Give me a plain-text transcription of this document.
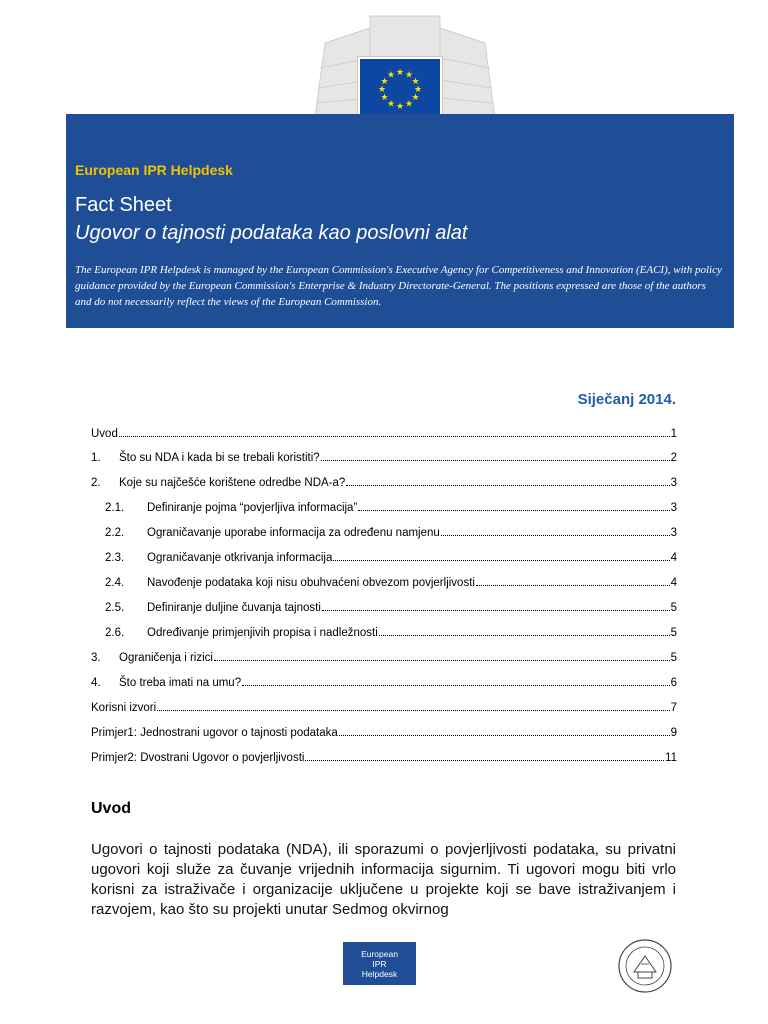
★ ★
★
★
★
★
★
★
★
★
★
★
European IPR Helpdesk
Fact Sheet
Ugovor o tajnosti podataka kao poslovni alat
The European IPR Helpdesk is managed by the European Commission's Executive Agency for Competitiveness and Innovation (EACI), with policy guidance provided by the European Commission's Enterprise & Industry Directorate-General. The positions expressed are those of the authors and do not necessarily reflect the views of the European Commission.
Siječanj 2014.
Uvod	1
1.	Što su NDA i kada bi se trebali koristiti?	2
2.	Koje su najčešće korištene odredbe NDA-a?	3
2.1.	Definiranje pojma “povjerljiva informacija”	3
2.2.	Ograničavanje uporabe informacija za određenu namjenu	3
2.3.	Ograničavanje otkrivanja informacija	4
2.4.	Navođenje podataka koji nisu obuhvaćeni obvezom povjerljivosti	4
2.5.	Definiranje duljine čuvanja tajnosti	5
2.6.	Određivanje primjenjivih propisa i nadležnosti	5
3.	Ograničenja i rizici	5
4.	Što treba imati na umu?	6
Korisni izvori	7
Primjer1: Jednostrani ugovor o tajnosti podataka	9
Primjer2: Dvostrani Ugovor o povjerljivosti	11
Uvod
Ugovori o tajnosti podataka (NDA), ili sporazumi o povjerljivosti podataka, su privatni ugovori koji služe za čuvanje vrijednih informacija sigurnim. Ti ugovori mogu biti vrlo korisni za istraživače i organizacije uključene u projekte koji se bave istraživanjem i razvojem, kao što su projekti unutar Sedmog okvirnog
European
IPR
Helpdesk
